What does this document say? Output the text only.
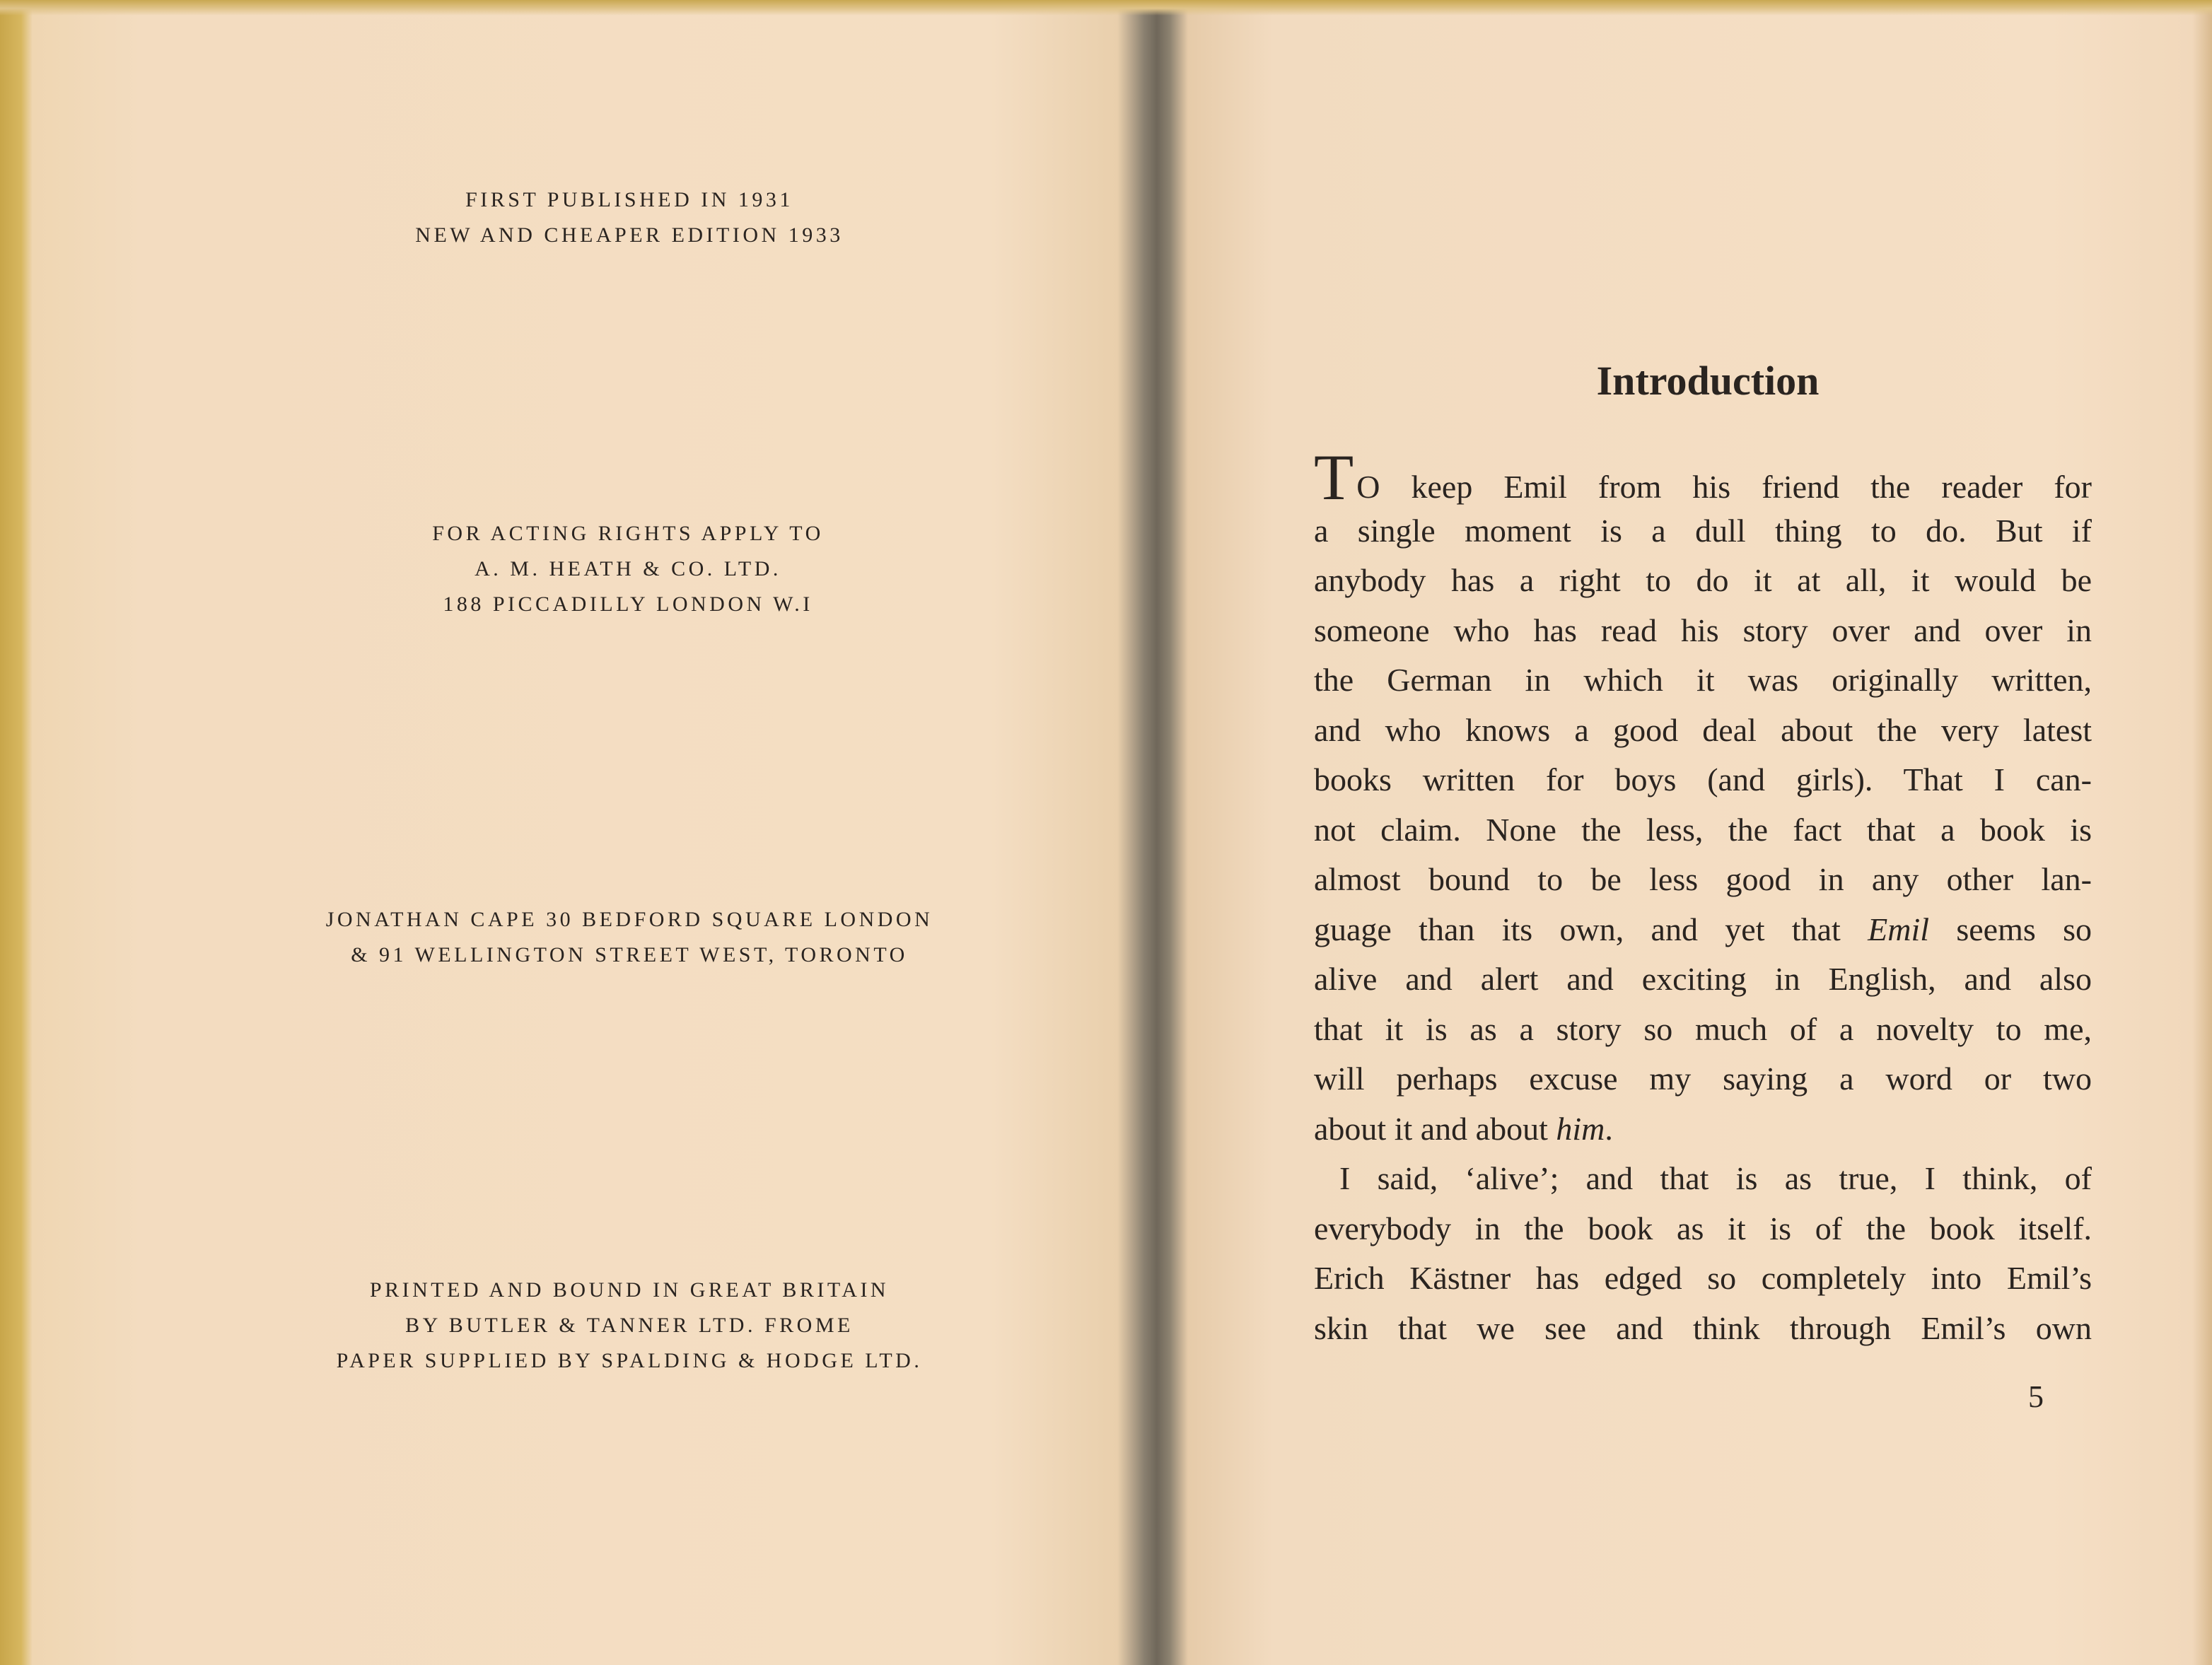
FIRST PUBLISHED IN 1931
NEW AND CHEAPER EDITION 1933
FOR ACTING RIGHTS APPLY TO
A. M. HEATH & CO. LTD.
188 PICCADILLY LONDON W.I
JONATHAN CAPE 30 BEDFORD SQUARE LONDON
& 91 WELLINGTON STREET WEST, TORONTO
PRINTED AND BOUND IN GREAT BRITAIN
BY BUTLER & TANNER LTD. FROME
PAPER SUPPLIED BY SPALDING & HODGE LTD.
Introduction
TO keep Emil from his friend the reader for
a single moment is a dull thing to do. But if
anybody has a right to do it at all, it would be
someone who has read his story over and over in
the German in which it was originally written,
and who knows a good deal about the very latest
books written for boys (and girls). That I can-
not claim. None the less, the fact that a book is
almost bound to be less good in any other lan-
guage than its own, and yet that Emil seems so
alive and alert and exciting in English, and also
that it is as a story so much of a novelty to me,
will perhaps excuse my saying a word or two
about it and about him.
I said, ‘alive’; and that is as true, I think, of
everybody in the book as it is of the book itself.
Erich Kästner has edged so completely into Emil’s
skin that we see and think through Emil’s own

5
